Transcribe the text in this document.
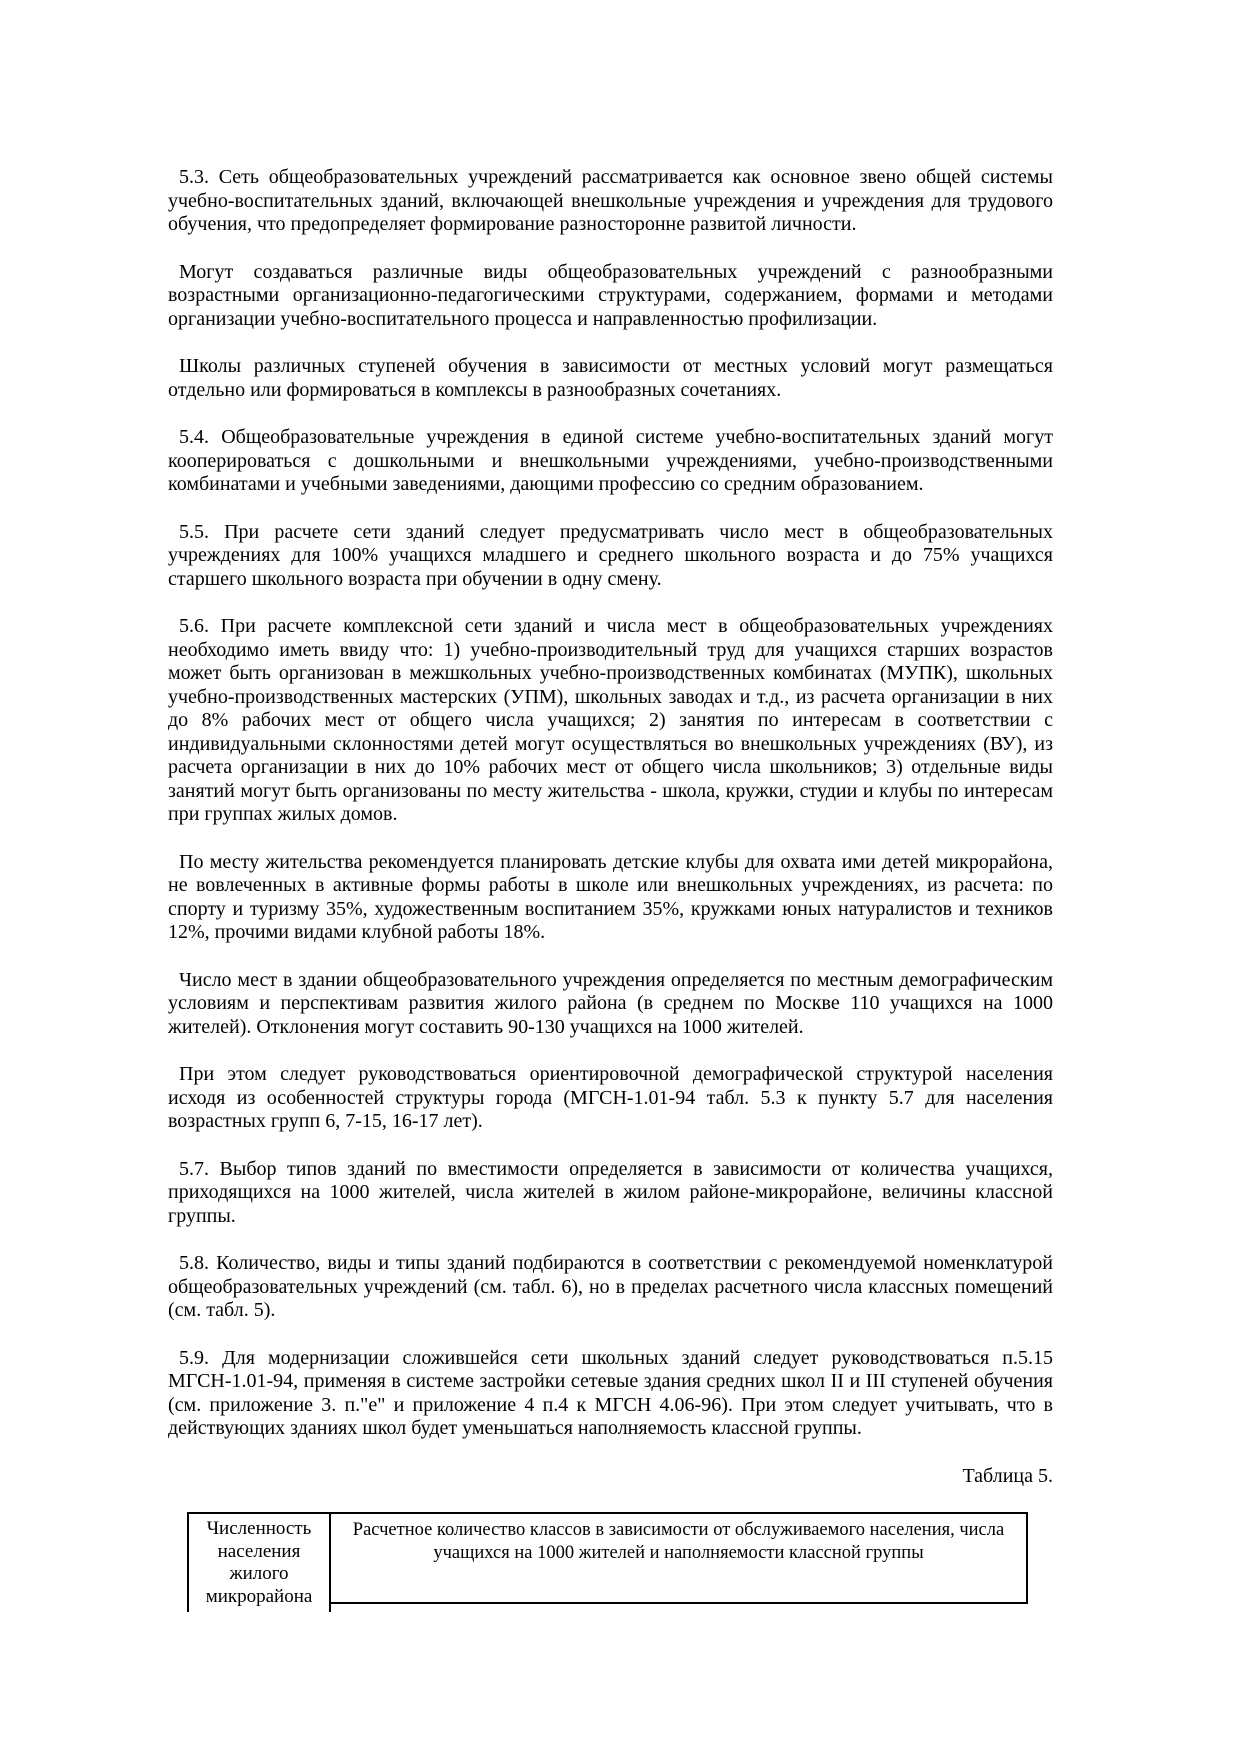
5.3. Сеть общеобразовательных учреждений рассматривается как основное звено общей системы учебно-воспитательных зданий, включающей внешкольные учреждения и учреждения для трудового обучения, что предопределяет формирование разносторонне развитой личности.

Могут создаваться различные виды общеобразовательных учреждений с разнообразными возрастными организационно-педагогическими структурами, содержанием, формами и методами организации учебно-воспитательного процесса и направленностью профилизации.

Школы различных ступеней обучения в зависимости от местных условий могут размещаться отдельно или формироваться в комплексы в разнообразных сочетаниях.

5.4. Общеобразовательные учреждения в единой системе учебно-воспитательных зданий могут кооперироваться с дошкольными и внешкольными учреждениями, учебно-производственными комбинатами и учебными заведениями, дающими профессию со средним образованием.

5.5. При расчете сети зданий следует предусматривать число мест в общеобразовательных учреждениях для 100% учащихся младшего и среднего школьного возраста и до 75% учащихся старшего школьного возраста при обучении в одну смену.

5.6. При расчете комплексной сети зданий и числа мест в общеобразовательных учреждениях необходимо иметь ввиду что: 1) учебно-производительный труд для учащихся старших возрастов может быть организован в межшкольных учебно-производственных комбинатах (МУПК), школьных учебно-производственных мастерских (УПМ), школьных заводах и т.д., из расчета организации в них до 8% рабочих мест от общего числа учащихся; 2) занятия по интересам в соответствии с индивидуальными склонностями детей могут осуществляться во внешкольных учреждениях (ВУ), из расчета организации в них до 10% рабочих мест от общего числа школьников; 3) отдельные виды занятий могут быть организованы по месту жительства - школа, кружки, студии и клубы по интересам при группах жилых домов.

По месту жительства рекомендуется планировать детские клубы для охвата ими детей микрорайона, не вовлеченных в активные формы работы в школе или внешкольных учреждениях, из расчета: по спорту и туризму 35%, художественным воспитанием 35%, кружками юных натуралистов и техников 12%, прочими видами клубной работы 18%.

Число мест в здании общеобразовательного учреждения определяется по местным демографическим условиям и перспективам развития жилого района (в среднем по Москве 110 учащихся на 1000 жителей). Отклонения могут составить 90-130 учащихся на 1000 жителей.

При этом следует руководствоваться ориентировочной демографической структурой населения исходя из особенностей структуры города (МГСН-1.01-94 табл. 5.3 к пункту 5.7 для населения возрастных групп 6, 7-15, 16-17 лет).

5.7. Выбор типов зданий по вместимости определяется в зависимости от количества учащихся, приходящихся на 1000 жителей, числа жителей в жилом районе-микрорайоне, величины классной группы.

5.8. Количество, виды и типы зданий подбираются в соответствии с рекомендуемой номенклатурой общеобразовательных учреждений (см. табл. 6), но в пределах расчетного числа классных помещений (см. табл. 5).

5.9. Для модернизации сложившейся сети школьных зданий следует руководствоваться п.5.15 МГСН-1.01-94, применяя в системе застройки сетевые здания средних школ II и III ступеней обучения (см. приложение 3. п."е" и приложение 4 п.4 к МГСН 4.06-96). При этом следует учитывать, что в действующих зданиях школ будет уменьшаться наполняемость классной группы.

Таблица 5.

Численность населения жилого микрорайона
Расчетное количество классов в зависимости от обслуживаемого населения, числа учащихся на 1000 жителей и наполняемости классной группы
